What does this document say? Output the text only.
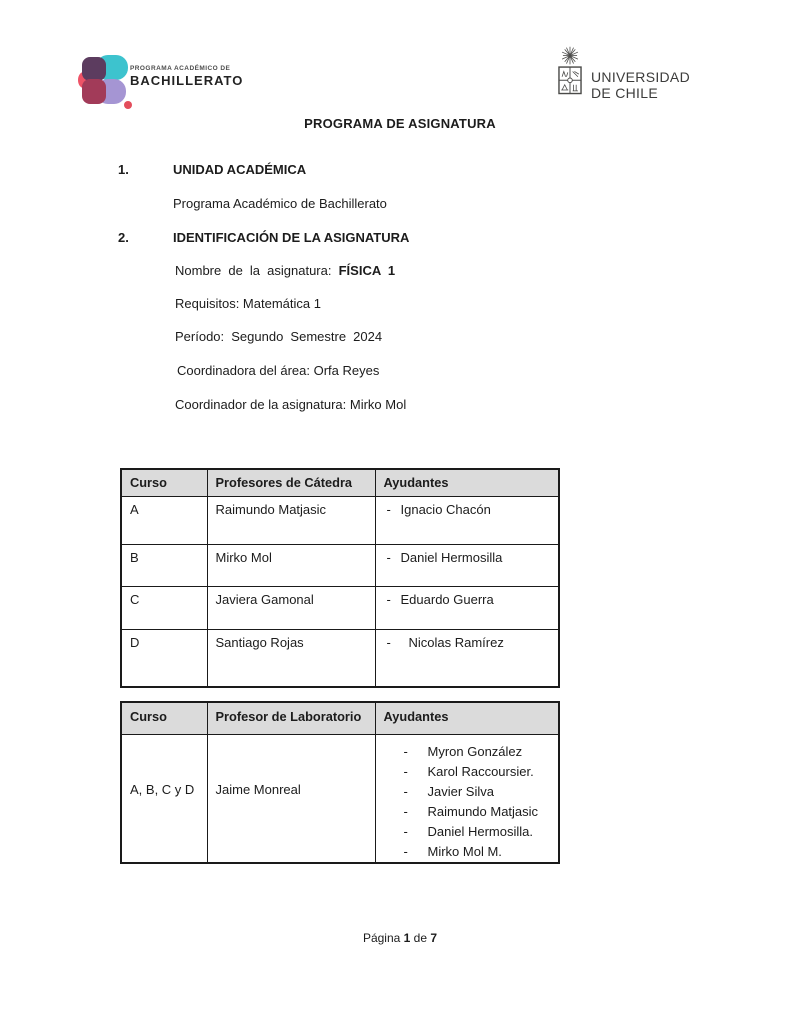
PROGRAMA ACADÉMICO DE
BACHILLERATO	UNIVERSIDAD
DE CHILE
PROGRAMA DE ASIGNATURA
1.	UNIDAD ACADÉMICA
Programa Académico de Bachillerato
2.	IDENTIFICACIÓN DE LA ASIGNATURA
Nombre de la asignatura: FÍSICA 1
Requisitos: Matemática 1
Período: Segundo Semestre 2024
Coordinadora del área: Orfa Reyes
Coordinador de la asignatura: Mirko Mol
Curso	Profesores de Cátedra	Ayudantes
A	Raimundo Matjasic	- Ignacio Chacón

B	Mirko Mol	- Daniel Hermosilla

C	Javiera Gamonal	- Eduardo Guerra

D	Santiago Rojas	- Nicolas Ramírez
Curso	Profesor de Laboratorio	Ayudantes
A, B, C y D	Jaime Monreal	
- Myron González
- Karol Raccoursier.
- Javier Silva
- Raimundo Matjasic
- Daniel Hermosilla.
- Mirko Mol M.
Página 1 de 7
